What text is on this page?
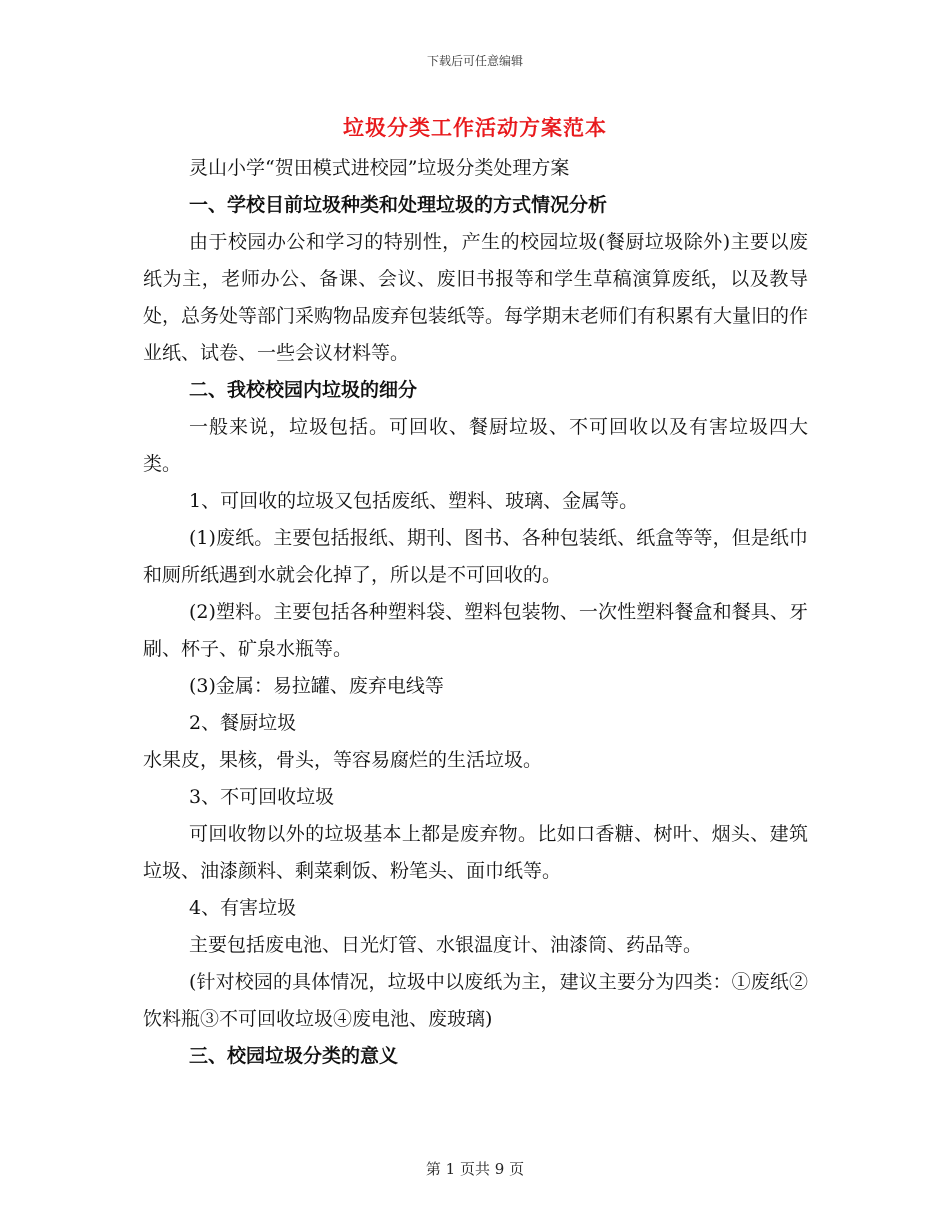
下载后可任意编辑
垃圾分类工作活动方案范本

灵山小学“贺田模式进校园”垃圾分类处理方案

一、学校目前垃圾种类和处理垃圾的方式情况分析

由于校园办公和学习的特别性，产生的校园垃圾(餐厨垃圾除外)主要以废纸为主，老师办公、备课、会议、废旧书报等和学生草稿演算废纸，以及教导处，总务处等部门采购物品废弃包装纸等。每学期末老师们有积累有大量旧的作业纸、试卷、一些会议材料等。

二、我校校园内垃圾的细分

一般来说，垃圾包括。可回收、餐厨垃圾、不可回收以及有害垃圾四大类。

1、可回收的垃圾又包括废纸、塑料、玻璃、金属等。

(1)废纸。主要包括报纸、期刊、图书、各种包装纸、纸盒等等，但是纸巾和厕所纸遇到水就会化掉了，所以是不可回收的。

(2)塑料。主要包括各种塑料袋、塑料包装物、一次性塑料餐盒和餐具、牙刷、杯子、矿泉水瓶等。

(3)金属：易拉罐、废弃电线等

2、餐厨垃圾

水果皮，果核，骨头，等容易腐烂的生活垃圾。

3、不可回收垃圾

可回收物以外的垃圾基本上都是废弃物。比如口香糖、树叶、烟头、建筑垃圾、油漆颜料、剩菜剩饭、粉笔头、面巾纸等。

4、有害垃圾

主要包括废电池、日光灯管、水银温度计、油漆筒、药品等。

(针对校园的具体情况，垃圾中以废纸为主，建议主要分为四类：①废纸②饮料瓶③不可回收垃圾④废电池、废玻璃)

三、校园垃圾分类的意义

第 1 页共 9 页
